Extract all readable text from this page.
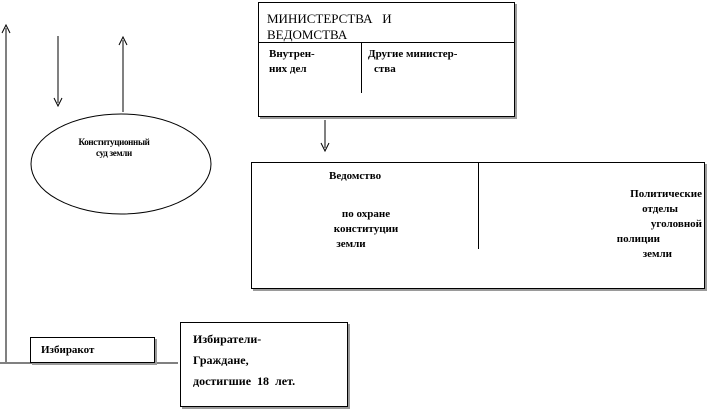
МИНИСТЕРСТВА   И
ВЕДОМСТВА
Внутрен-
них дел
Другие министер-
ства
Конституционный
суд земли
Ведомство
по охране
конституции
земли
Политические
отделы
уголовной
полиции
земли
Избиракот
Избиратели-
Граждане,
достигшие  18  лет.
